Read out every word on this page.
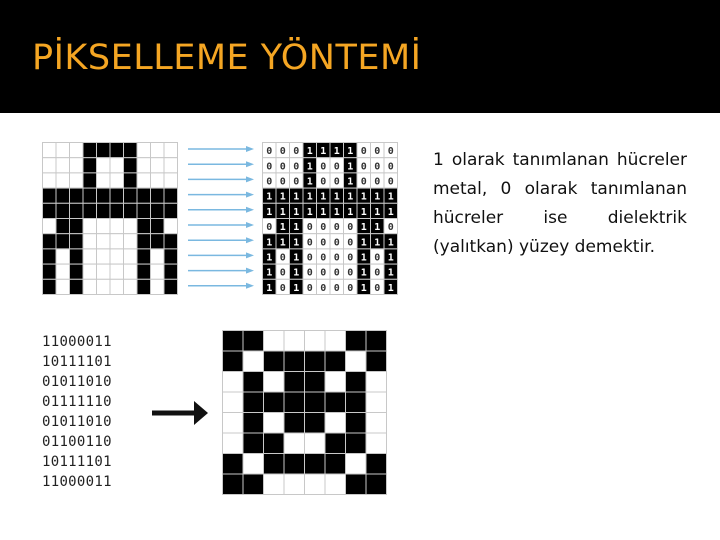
PİKSELLEME YÖNTEMİ
0 0 0 1 1 1 1 0 0 0
0 0 0 1 0 0 1 0 0 0
0 0 0 1 0 0 1 0 0 0
1 1 1 1 1 1 1 1 1 1
1 1 1 1 1 1 1 1 1 1
0 1 1 0 0 0 0 1 1 0
1 1 1 0 0 0 0 1 1 1
1 0 1 0 0 0 0 1 0 1
1 0 1 0 0 0 0 1 0 1
1 0 1 0 0 0 0 1 0 1
1 olarak tanımlanan hücreler metal, 0 olarak tanımlanan hücreler ise dielektrik (yalıtkan) yüzey demektir.
11000011
10111101
01011010
01111110
01011010
01100110
10111101
11000011
